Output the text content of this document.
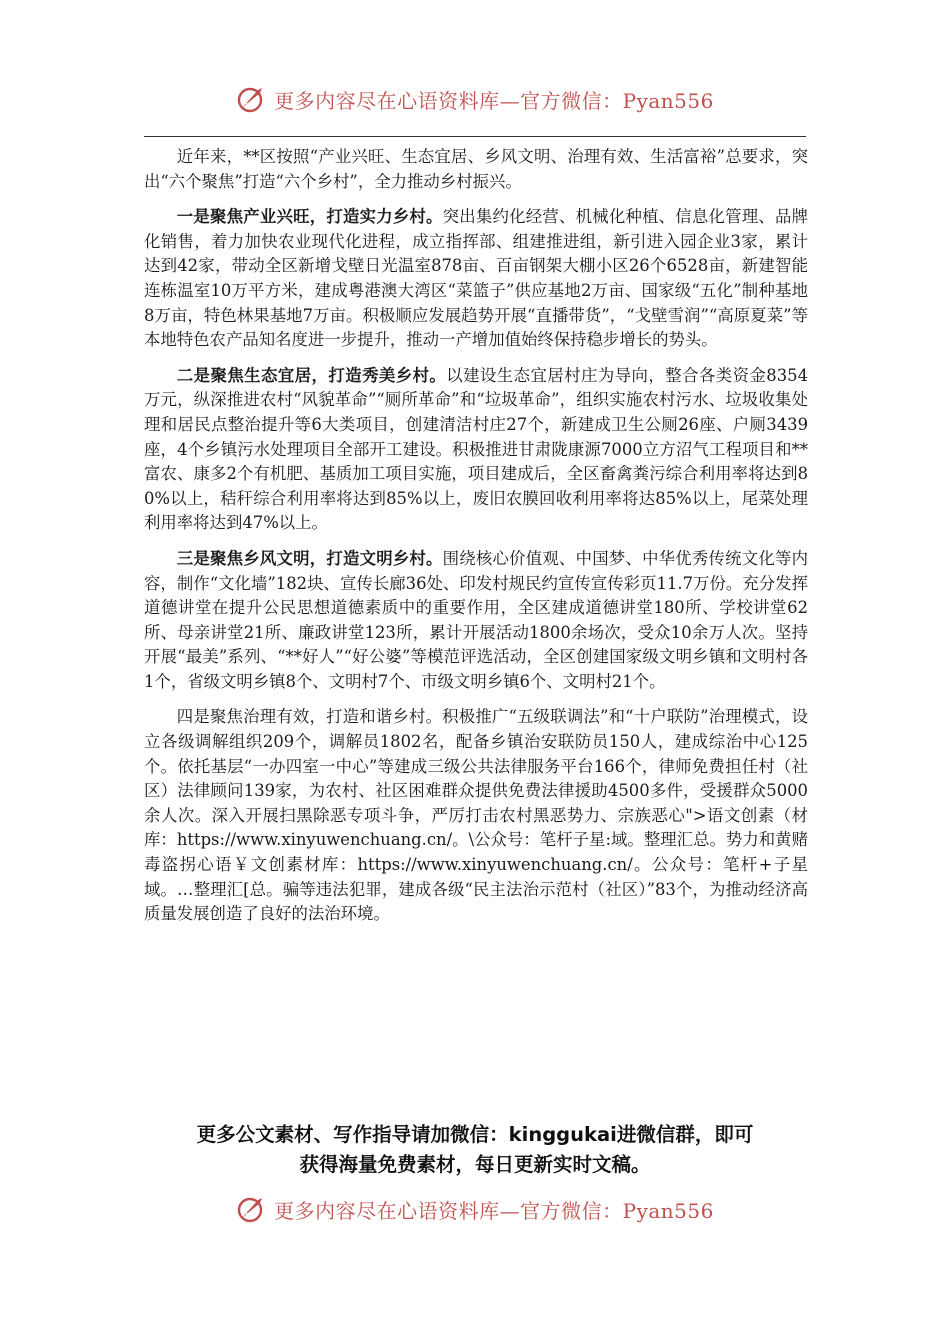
更多内容尽在心语资料库—官方微信：Pyan556

近年来，**区按照“产业兴旺、生态宜居、乡风文明、治理有效、生活富裕”总要求，突出“六个聚焦”打造“六个乡村”，全力推动乡村振兴。

一是聚焦产业兴旺，打造实力乡村。突出集约化经营、机械化种植、信息化管理、品牌化销售，着力加快农业现代化进程，成立指挥部、组建推进组，新引进入园企业3家，累计达到42家，带动全区新增戈壁日光温室878亩、百亩钢架大棚小区26个6528亩，新建智能连栋温室10万平方米，建成粤港澳大湾区“菜篮子”供应基地2万亩、国家级“五化”制种基地8万亩，特色林果基地7万亩。积极顺应发展趋势开展“直播带货”，“戈壁雪润”“高原夏菜”等本地特色农产品知名度进一步提升，推动一产增加值始终保持稳步增长的势头。

二是聚焦生态宜居，打造秀美乡村。以建设生态宜居村庄为导向，整合各类资金8354万元，纵深推进农村“风貌革命”“厕所革命”和“垃圾革命”，组织实施农村污水、垃圾收集处理和居民点整治提升等6大类项目，创建清洁村庄27个，新建成卫生公厕26座、户厕3439座，4个乡镇污水处理项目全部开工建设。积极推进甘肃陇康源7000立方沼气工程项目和**富农、康多2个有机肥、基质加工项目实施，项目建成后，全区畜禽粪污综合利用率将达到80%以上，秸秆综合利用率将达到85%以上，废旧农膜回收利用率将达85%以上，尾菜处理利用率将达到47%以上。

三是聚焦乡风文明，打造文明乡村。围绕核心价值观、中国梦、中华优秀传统文化等内容，制作“文化墙”182块、宣传长廊36处、印发村规民约宣传宣传彩页11.7万份。充分发挥道德讲堂在提升公民思想道德素质中的重要作用，全区建成道德讲堂180所、学校讲堂62所、母亲讲堂21所、廉政讲堂123所，累计开展活动1800余场次，受众10余万人次。坚持开展“最美”系列、“**好人”“好公婆”等模范评选活动，全区创建国家级文明乡镇和文明村各1个，省级文明乡镇8个、文明村7个、市级文明乡镇6个、文明村21个。

四是聚焦治理有效，打造和谐乡村。积极推广“五级联调法”和“十户联防”治理模式，设立各级调解组织209个，调解员1802名，配备乡镇治安联防员150人，建成综治中心125个。依托基层“一办四室一中心”等建成三级公共法律服务平台166个，律师免费担任村（社区）法律顾问139家，为农村、社区困难群众提供免费法律援助4500多件，受援群众5000余人次。深入开展扫黑除恶专项斗争，严厉打击农村黑恶势力、宗族恶心">语文创素（材库：https://www.xinyuwenchuang.cn/。\公众号：笔杆子星:域。整理汇总。势力和黄赌毒盗拐心语￥文创素材库：https://www.xinyuwenchuang.cn/。公众号：笔杆+子星域。…整理汇[总。骗等违法犯罪，建成各级“民主法治示范村（社区）”83个，为推动经济高质量发展创造了良好的法治环境。

更多公文素材、写作指导请加微信：kinggukai进微信群，即可
获得海量免费素材，每日更新实时文稿。
更多内容尽在心语资料库—官方微信：Pyan556
